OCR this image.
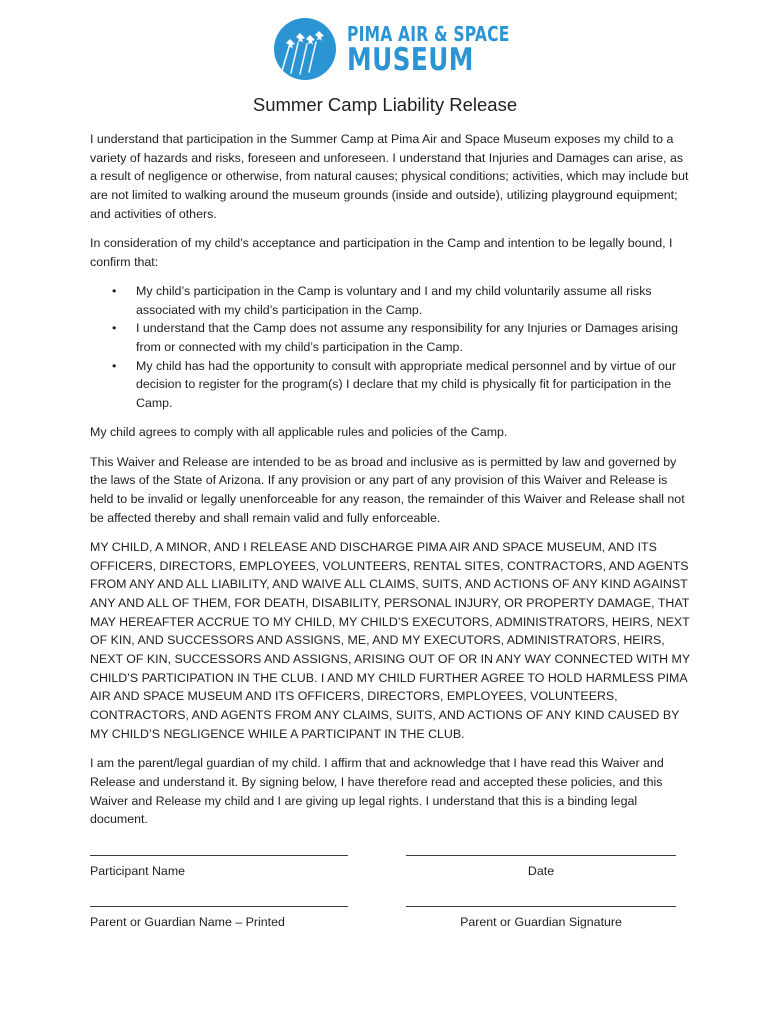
PIMA AIR & SPACE
MUSEUM
Summer Camp Liability Release

I understand that participation in the Summer Camp at Pima Air and Space Museum exposes my child to a variety of hazards and risks, foreseen and unforeseen. I understand that Injuries and Damages can arise, as a result of negligence or otherwise, from natural causes; physical conditions; activities, which may include but are not limited to walking around the museum grounds (inside and outside), utilizing playground equipment; and activities of others.

In consideration of my child’s acceptance and participation in the Camp and intention to be legally bound, I confirm that:

• My child’s participation in the Camp is voluntary and I and my child voluntarily assume all risks associated with my child’s participation in the Camp.
• I understand that the Camp does not assume any responsibility for any Injuries or Damages arising from or connected with my child’s participation in the Camp.
• My child has had the opportunity to consult with appropriate medical personnel and by virtue of our decision to register for the program(s) I declare that my child is physically fit for participation in the Camp.

My child agrees to comply with all applicable rules and policies of the Camp.

This Waiver and Release are intended to be as broad and inclusive as is permitted by law and governed by the laws of the State of Arizona. If any provision or any part of any provision of this Waiver and Release is held to be invalid or legally unenforceable for any reason, the remainder of this Waiver and Release shall not be affected thereby and shall remain valid and fully enforceable.

MY CHILD, A MINOR, AND I RELEASE AND DISCHARGE PIMA AIR AND SPACE MUSEUM, AND ITS OFFICERS, DIRECTORS, EMPLOYEES, VOLUNTEERS, RENTAL SITES, CONTRACTORS, AND AGENTS FROM ANY AND ALL LIABILITY, AND WAIVE ALL CLAIMS, SUITS, AND ACTIONS OF ANY KIND AGAINST ANY AND ALL OF THEM, FOR DEATH, DISABILITY, PERSONAL INJURY, OR PROPERTY DAMAGE, THAT MAY HEREAFTER ACCRUE TO MY CHILD, MY CHILD’S EXECUTORS, ADMINISTRATORS, HEIRS, NEXT OF KIN, AND SUCCESSORS AND ASSIGNS, ME, AND MY EXECUTORS, ADMINISTRATORS, HEIRS, NEXT OF KIN, SUCCESSORS AND ASSIGNS, ARISING OUT OF OR IN ANY WAY CONNECTED WITH MY CHILD’S PARTICIPATION IN THE CLUB. I AND MY CHILD FURTHER AGREE TO HOLD HARMLESS PIMA AIR AND SPACE MUSEUM AND ITS OFFICERS, DIRECTORS, EMPLOYEES, VOLUNTEERS, CONTRACTORS, AND AGENTS FROM ANY CLAIMS, SUITS, AND ACTIONS OF ANY KIND CAUSED BY MY CHILD’S NEGLIGENCE WHILE A PARTICIPANT IN THE CLUB.

I am the parent/legal guardian of my child. I affirm that and acknowledge that I have read this Waiver and Release and understand it. By signing below, I have therefore read and accepted these policies, and this Waiver and Release my child and I are giving up legal rights. I understand that this is a binding legal document.

Participant Name	Date
Parent or Guardian Name – Printed	Parent or Guardian Signature
